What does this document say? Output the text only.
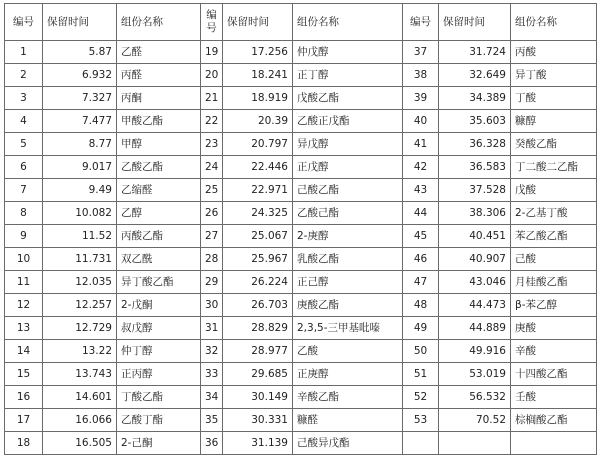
编号	保留时间	组份名称	编号	保留时间	组份名称	编号	保留时间	组份名称
1	5.87	乙醛	19	17.256	仲戊醇	37	31.724	丙酸
2	6.932	丙醛	20	18.241	正丁醇	38	32.649	异丁酸
3	7.327	丙酮	21	18.919	戊酸乙酯	39	34.389	丁酸
4	7.477	甲酸乙酯	22	20.39	乙酸正戊酯	40	35.603	糠醇
5	8.77	甲醇	23	20.797	异戊醇	41	36.328	癸酸乙酯
6	9.017	乙酸乙酯	24	22.446	正戊醇	42	36.583	丁二酸二乙酯
7	9.49	乙缩醛	25	22.971	己酸乙酯	43	37.528	戊酸
8	10.082	乙醇	26	24.325	乙酸己酯	44	38.306	2-乙基丁酸
9	11.52	丙酸乙酯	27	25.067	2-庚醇	45	40.451	苯乙酸乙酯
10	11.731	双乙酰	28	25.967	乳酸乙酯	46	40.907	己酸
11	12.035	异丁酸乙酯	29	26.224	正己醇	47	43.046	月桂酸乙酯
12	12.257	2-戊酮	30	26.703	庚酸乙酯	48	44.473	β-苯乙醇
13	12.729	叔戊醇	31	28.829	2,3,5-三甲基吡嗪	49	44.889	庚酸
14	13.22	仲丁醇	32	28.977	乙酸	50	49.916	辛酸
15	13.743	正丙醇	33	29.685	正庚醇	51	53.019	十四酸乙酯
16	14.601	丁酸乙酯	34	30.149	辛酸乙酯	52	56.532	壬酸
17	16.066	乙酸丁酯	35	30.331	糠醛	53	70.52	棕榈酸乙酯
18	16.505	2-己酮	36	31.139	己酸异戊酯			
